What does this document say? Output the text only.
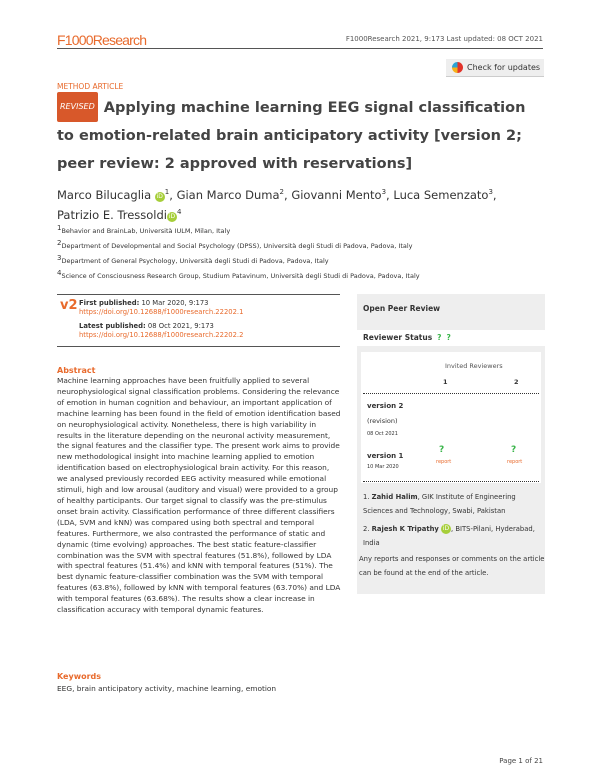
F1000Research	F1000Research 2021, 9:173 Last updated: 08 OCT 2021
Check for updates
METHOD ARTICLE
REVISED Applying machine learning EEG signal classification to emotion-related brain anticipatory activity [version 2; peer review: 2 approved with reservations]
Marco Bilucaglia $iD^1$, Gian Marco Duma$^2$, Giovanni Mento$^3$, Luca Semenzato$^3$,
Patrizio E. Tressoldi $iD^4$
$^1$Behavior and BrainLab, Università IULM, Milan, Italy
$^2$Department of Developmental and Social Psychology (DPSS), Università degli Studi di Padova, Padova, Italy
$^3$Department of General Psychology, Università degli Studi di Padova, Padova, Italy
$^4$Science of Consciousness Research Group, Studium Patavinum, Università degli Studi di Padova, Padova, Italy
v2 First published: 10 Mar 2020, 9:173
https://doi.org/10.12688/f1000research.22202.1
Latest published: 08 Oct 2021, 9:173
https://doi.org/10.12688/f1000research.22202.2
Abstract
Machine learning approaches have been fruitfully applied to several neurophysiological signal classification problems. Considering the relevance of emotion in human cognition and behaviour, an important application of machine learning has been found in the field of emotion identification based on neurophysiological activity. Nonetheless, there is high variability in results in the literature depending on the neuronal activity measurement, the signal features and the classifier type. The present work aims to provide new methodological insight into machine learning applied to emotion identification based on electrophysiological brain activity. For this reason, we analysed previously recorded EEG activity measured while emotional stimuli, high and low arousal (auditory and visual) were provided to a group of healthy participants. Our target signal to classify was the pre-stimulus onset brain activity. Classification performance of three different classifiers (LDA, SVM and kNN) was compared using both spectral and temporal features. Furthermore, we also contrasted the performance of static and dynamic (time evolving) approaches. The best static feature-classifier combination was the SVM with spectral features (51.8%), followed by LDA with spectral features (51.4%) and kNN with temporal features (51%). The best dynamic feature-classifier combination was the SVM with temporal features (63.8%), followed by kNN with temporal features (63.70%) and LDA with temporal features (63.68%). The results show a clear increase in classification accuracy with temporal dynamic features.
Keywords
EEG, brain anticipatory activity, machine learning, emotion
Open Peer Review
Reviewer Status ? ?
Invited Reviewers
1	2
version 2
(revision)
08 Oct 2021
version 1
10 Mar 2020
?
report
?
report
1. Zahid Halim, GIK Institute of Engineering Sciences and Technology, Swabi, Pakistan
2. Rajesh K Tripathy iD , BITS-Pilani, Hyderabad, India
Any reports and responses or comments on the article can be found at the end of the article.
Page 1 of 21
